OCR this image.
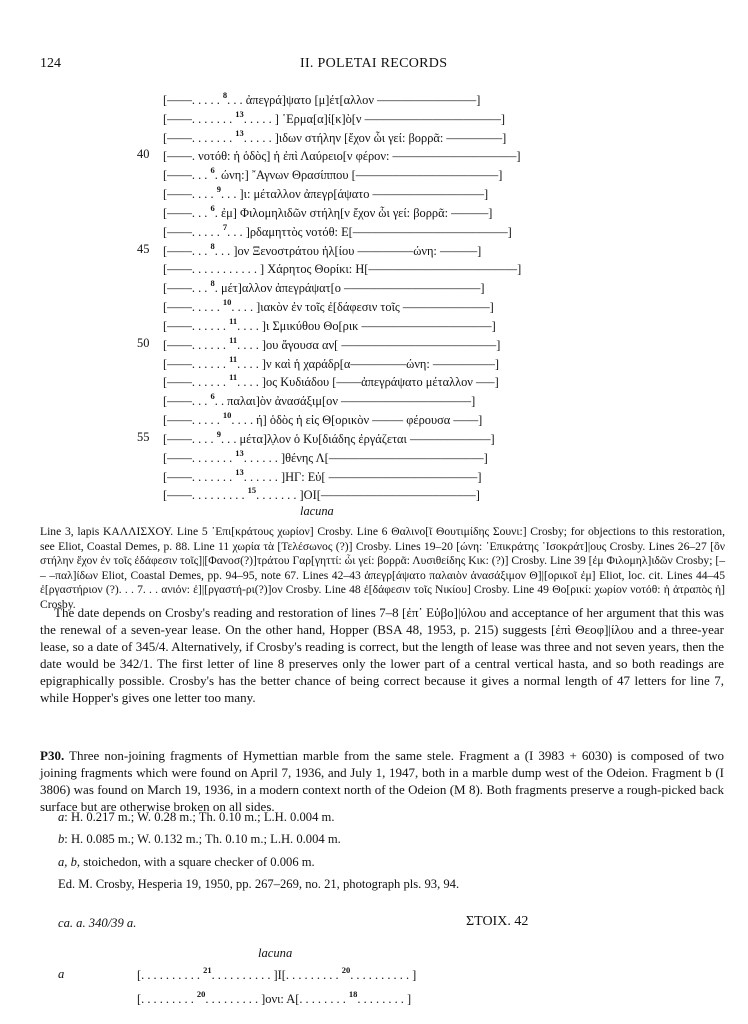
124	II. POLETAI RECORDS
[––––. . . . . $^8$. . . ἀπεγρά]ψατο [μ]έτ[αλλον ––––––––––––––––]
[––––. . . . . . . $^{13}$. . . . . ] ῾Ερμα[α]ί[κ]ὸ[ν ––––––––––––––––––––––]
[––––. . . . . . . $^{13}$. . . . . ]ιδων στήλην [ἔχον ὧι γεί: βορρᾶ: –––––––––]
40	[––––. νοτόθ: ἡ ὁδὸς] ἡ ἐπὶ Λαύρειο[ν φέρον: ––––––––––––––––––––]
[––––. . . $^6$. ώνη:] ῎Αγνων Θρασίππου [–––––––––––––––––––––––]
[––––. . . . $^9$. . . ]ι: μέταλλον ἀπεγρ[άψατο ––––––––––––––––––]
[––––. . . $^6$. ἐμ] Φιλομηλιδῶν στήλη[ν ἔχον ὧι γεί: βορρᾶ: ––––––]
[––––. . . . . $^7$. . . ]ρδαμηττὸς νοτόθ: Ε[–––––––––––––––––––––––––]
45	[––––. . . $^8$. . . ]ον Ξενοστράτου ἡλ[ίου –––––––––ώνη: ––––––]
[––––. . . . . . . . . . . ] Χάρητος Θορίκι: Η[––––––––––––––––––––––––]
[––––. . . $^8$. μέτ]αλλον ἀπεγράψατ[ο ––––––––––––––––––––––]
[––––. . . . . $^{10}$. . . . ]ιακὸν ἐν τοῖς ἐ[δάφεσιν τοῖς ––––––––––––––]
[––––. . . . . . $^{11}$. . . . ]ι Σμικύθου Θο[ρικ –––––––––––––––––––––]
50	[––––. . . . . . $^{11}$. . . . ]ου ἄγουσα αν[ –––––––––––––––––––––––––]
[––––. . . . . . $^{11}$. . . . ]ν καὶ ἡ χαράδρ[α–––––––––ώνη: ––––––––––]
[––––. . . . . . $^{11}$. . . . ]ος Κυδιάδου [––––ἀπεγράψατο μέταλλον –––]
[––––. . . $^6$. . παλαι]ὸν ἀνασάξιμ[ον –––––––––––––––––––––]
[––––. . . . . $^{10}$. . . . ή] ὁδὸς ἡ εἰς Θ[ορικὸν ––––– φέρουσα ––––]
55	[––––. . . . $^9$. . . μέτα]λ̣λον ὁ Κυ[διάδης ἐργάζεται –––––––––––––]
[––––. . . . . . . $^{13}$. . . . . . ]θένης Λ[–––––––––––––––––––––––––]
[––––. . . . . . . $^{13}$. . . . . . ]ΗΓ: Εὐ[ ––––––––––––––––––––––––]
[––––. . . . . . . . . $^{15}$. . . . . . . ]ΟΙ[–––––––––––––––––––––––––]
lacuna
Line 3, lapis ΚΑΛΛΙΣΧΟΥ. Line 5 ᾿Επι[κράτους χωρίον] Crosby. Line 6 Θαλινο[ῖ Θουτιμίδης Σουνι:] Crosby; for objections to this restoration, see Eliot, Coastal Demes, p. 88. Line 11 χωρία τὰ [Τελέσωνος (?)] Crosby. Lines 19–20 [ώνη: ᾿Επικράτης ᾿Ισοκράτ]|ους Crosby. Lines 26–27 [ὂν στήλην ἔχον ἐν τοῖς ἐδάφεσιν τοῖς]|[Φανοσ(?)]τράτου Γαρ[γηττί: ὧι γεί: βορρᾶ: Λυσιθείδης Κικ: (?)] Crosby. Line 39 [ἐμ Φιλομηλ]ιδῶν Crosby; [– – –παλ]ίδων Eliot, Coastal Demes, pp. 94–95, note 67. Lines 42–43 ἀπεγρ[άψατο παλαιὸν ἀνασάξιμον Θ]|[ορικοῖ ἐμ] Eliot, loc. cit. Lines 44–45 ἐ[ργαστήριον (?). . . 7. . . ανιόν: ἐ]|[ργαστή-ρι(?)]ον Crosby. Line 48 ἐ[δάφεσιν τοῖς Νικίου] Crosby. Line 49 Θο[ρικί: χωρίον νοτόθ: ἡ ἀτραπὸς ἡ] Crosby.
The date depends on Crosby's reading and restoration of lines 7–8 [ἐπ᾿ Εὐβο]|ύλου and acceptance of her argument that this was the renewal of a seven-year lease. On the other hand, Hopper (BSA 48, 1953, p. 215) suggests [ἐπὶ Θεοφ]|ίλου and a three-year lease, so a date of 345/4. Alternatively, if Crosby's reading is correct, but the length of lease was three and not seven years, then the date would be 342/1. The first letter of line 8 preserves only the lower part of a central vertical hasta, and so both readings are epigraphically possible. Crosby's has the better chance of being correct because it gives a normal length of 47 letters for line 7, while Hopper's gives one letter too many.
P30. Three non-joining fragments of Hymettian marble from the same stele. Fragment a (I 3983 + 6030) is composed of two joining fragments which were found on April 7, 1936, and July 1, 1947, both in a marble dump west of the Odeion. Fragment b (I 3806) was found on March 19, 1936, in a modern context north of the Odeion (M 8). Both fragments preserve a rough-picked back surface but are otherwise broken on all sides.
a: H. 0.217 m.; W. 0.28 m.; Th. 0.10 m.; L.H. 0.004 m.
b: H. 0.085 m.; W. 0.132 m.; Th. 0.10 m.; L.H. 0.004 m.
a, b, stoichedon, with a square checker of 0.006 m.
Ed. M. Crosby, Hesperia 19, 1950, pp. 267–269, no. 21, photograph pls. 93, 94.
ca. a. 340/39 a.	ΣΤΟΙΧ. 42
lacuna
a	[. . . . . . . . . . $^{21}$. . . . . . . . . . ]Ι[. . . . . . . . . $^{20}$. . . . . . . . . . ]
[. . . . . . . . . $^{20}$. . . . . . . . . ]ονι: Α[. . . . . . . . $^{18}$. . . . . . . . ]
